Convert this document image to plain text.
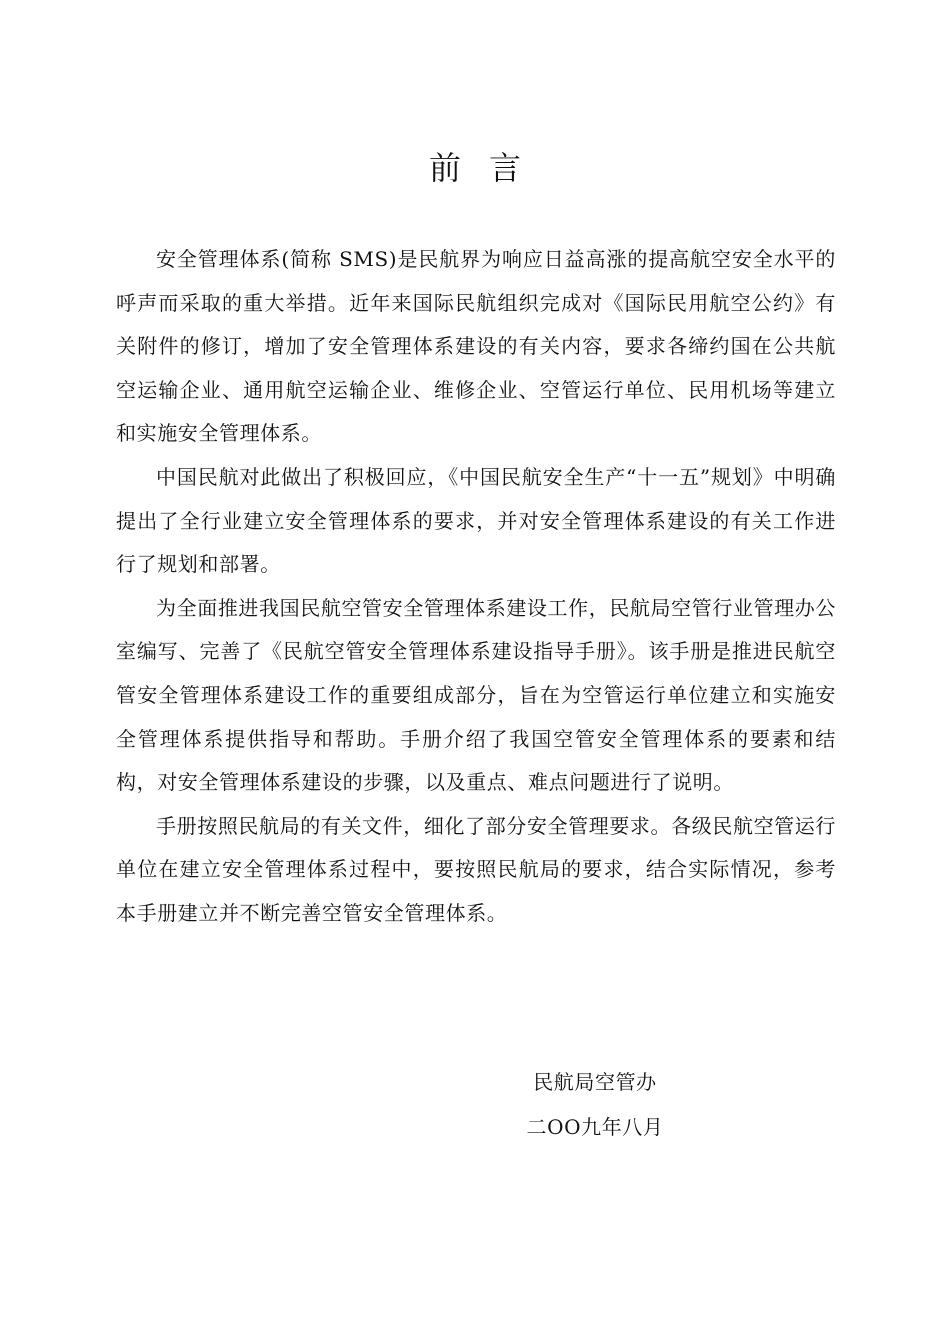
前言

安全管理体系(简称 SMS)是民航界为响应日益高涨的提高航空安全水平的呼声而采取的重大举措。近年来国际民航组织完成对《国际民用航空公约》有关附件的修订，增加了安全管理体系建设的有关内容，要求各缔约国在公共航空运输企业、通用航空运输企业、维修企业、空管运行单位、民用机场等建立和实施安全管理体系。

中国民航对此做出了积极回应，《中国民航安全生产“十一五”规划》中明确提出了全行业建立安全管理体系的要求，并对安全管理体系建设的有关工作进行了规划和部署。

为全面推进我国民航空管安全管理体系建设工作，民航局空管行业管理办公室编写、完善了《民航空管安全管理体系建设指导手册》。该手册是推进民航空管安全管理体系建设工作的重要组成部分，旨在为空管运行单位建立和实施安全管理体系提供指导和帮助。手册介绍了我国空管安全管理体系的要素和结构，对安全管理体系建设的步骤，以及重点、难点问题进行了说明。

手册按照民航局的有关文件，细化了部分安全管理要求。各级民航空管运行单位在建立安全管理体系过程中，要按照民航局的要求，结合实际情况，参考本手册建立并不断完善空管安全管理体系。

民航局空管办
二OO九年八月
